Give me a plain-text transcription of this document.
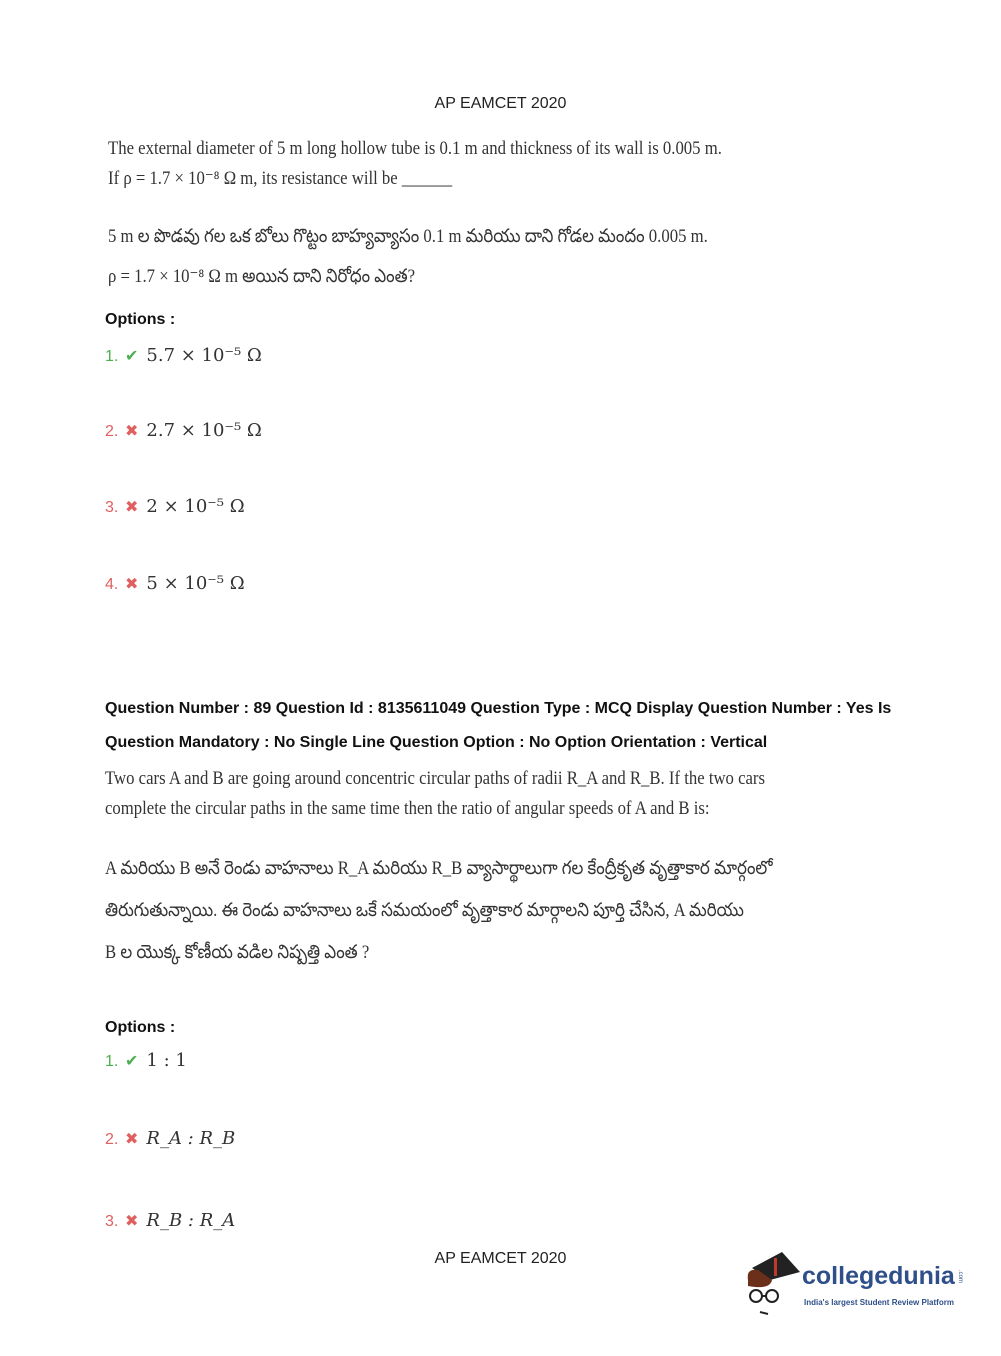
AP EAMCET 2020
The external diameter of 5 m long hollow tube is 0.1 m and thickness of its wall is 0.005 m.
If ρ = 1.7 × 10⁻⁸ Ω m, its resistance will be ______
5 m ల పొడవు గల ఒక బోలు గొట్టం బాహ్యవ్యాసం 0.1 m మరియు దాని గోడల మందం 0.005 m.
ρ = 1.7 × 10⁻⁸ Ω m అయిన దాని నిరోధం ఎంత?
Options :
1. ✔ 5.7 × 10⁻⁵ Ω
2. ✖ 2.7 × 10⁻⁵ Ω
3. ✖ 2 × 10⁻⁵ Ω
4. ✖ 5 × 10⁻⁵ Ω
Question Number : 89 Question Id : 8135611049 Question Type : MCQ Display Question Number : Yes Is Question Mandatory : No Single Line Question Option : No Option Orientation : Vertical
Two cars A and B are going around concentric circular paths of radii R_A and R_B. If the two cars
complete the circular paths in the same time then the ratio of angular speeds of A and B is:
A మరియు B అనే రెండు వాహనాలు R_A మరియు R_B వ్యాసార్థాలుగా గల కేంద్రీకృత వృత్తాకార మార్గంలో
తిరుగుతున్నాయి. ఈ రెండు వాహనాలు ఒకే సమయంలో వృత్తాకార మార్గాలని పూర్తి చేసిన, A మరియు
B ల యొక్క కోణీయ వడిల నిష్పత్తి ఎంత ?
Options :
1. ✔ 1 : 1
2. ✖ R_A : R_B
3. ✖ R_B : R_A
AP EAMCET 2020
collegedunia .com
India's largest Student Review Platform
